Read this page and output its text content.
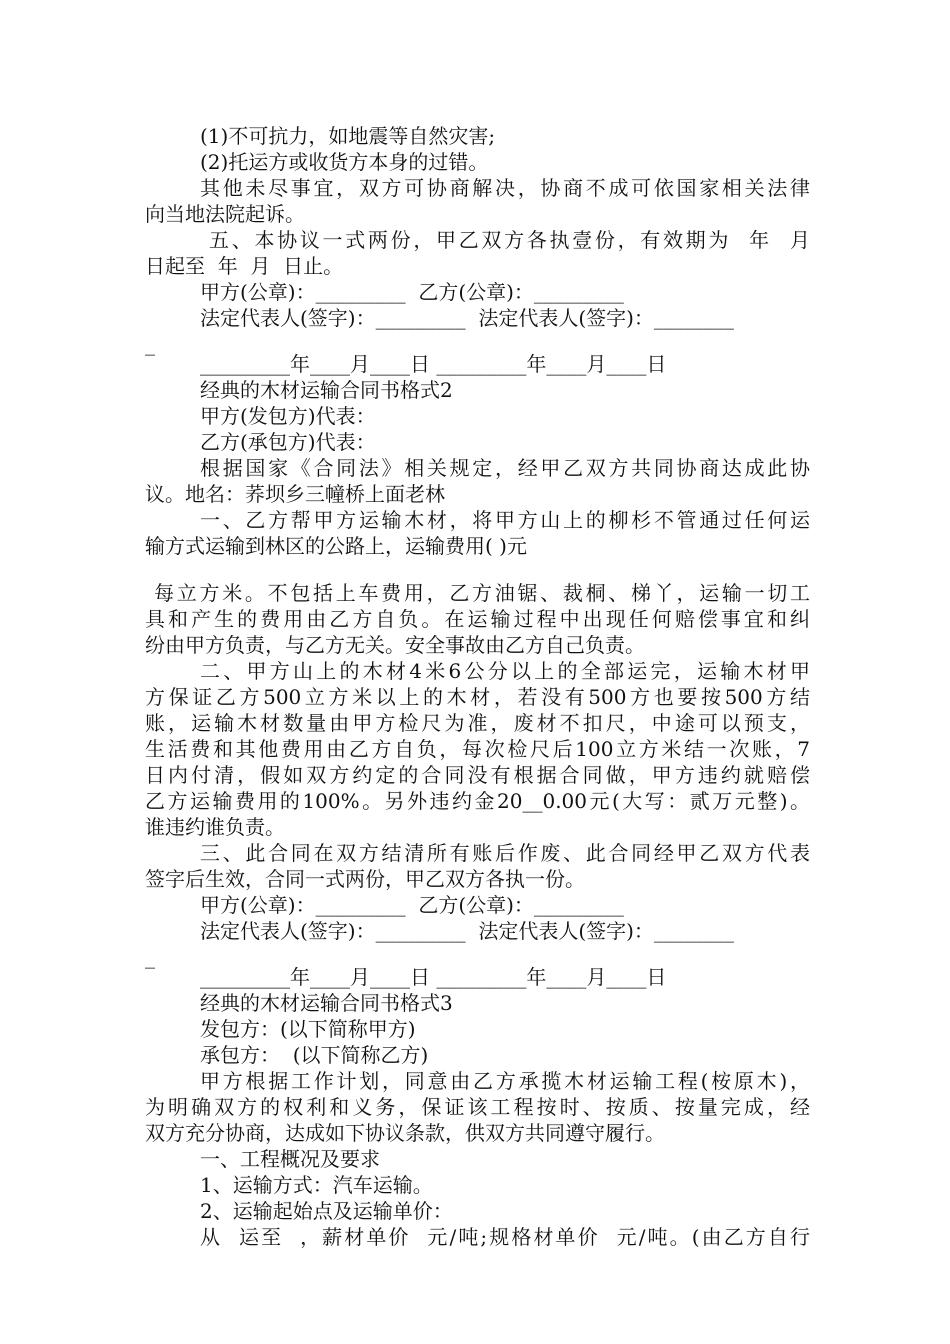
(1)不可抗力，如地震等自然灾害;
(2)托运方或收货方本身的过错。
其他未尽事宜，双方可协商解决，协商不成可依国家相关法律
向当地法院起诉。
五、本协议一式两份，甲乙双方各执壹份，有效期为  年  月
日起至  年  月  日止。
甲方(公章)：_________  乙方(公章)：_________
法定代表人(签字)：_________  法定代表人(签字)：________
_
_________年____月____日 _________年____月____日
经典的木材运输合同书格式2
甲方(发包方)代表：
乙方(承包方)代表：
根据国家《合同法》相关规定，经甲乙双方共同协商达成此协
议。地名：荞坝乡三幢桥上面老林
一、乙方帮甲方运输木材，将甲方山上的柳杉不管通过任何运
输方式运输到林区的公路上，运输费用( )元
每立方米。不包括上车费用，乙方油锯、裁桐、梯丫，运输一切工
具和产生的费用由乙方自负。在运输过程中出现任何赔偿事宜和纠
纷由甲方负责，与乙方无关。安全事故由乙方自己负责。
二、甲方山上的木材4米6公分以上的全部运完，运输木材甲
方保证乙方500立方米以上的木材，若没有500方也要按500方结
账，运输木材数量由甲方检尺为准，废材不扣尺，中途可以预支，
生活费和其他费用由乙方自负，每次检尺后100立方米结一次账，7
日内付清，假如双方约定的合同没有根据合同做，甲方违约就赔偿
乙方运输费用的100%。另外违约金20__0.00元(大写：贰万元整)。
谁违约谁负责。
三、此合同在双方结清所有账后作废、此合同经甲乙双方代表
签字后生效，合同一式两份，甲乙双方各执一份。
甲方(公章)：_________  乙方(公章)：_________
法定代表人(签字)：_________  法定代表人(签字)：________
_
_________年____月____日 _________年____月____日
经典的木材运输合同书格式3
发包方：(以下简称甲方)
承包方：  (以下简称乙方)
甲方根据工作计划，同意由乙方承揽木材运输工程(桉原木)，
为明确双方的权利和义务，保证该工程按时、按质、按量完成，经
双方充分协商，达成如下协议条款，供双方共同遵守履行。
一、工程概况及要求
1、运输方式：汽车运输。
2、运输起始点及运输单价：
从  运至  ，薪材单价  元/吨;规格材单价  元/吨。(由乙方自行
